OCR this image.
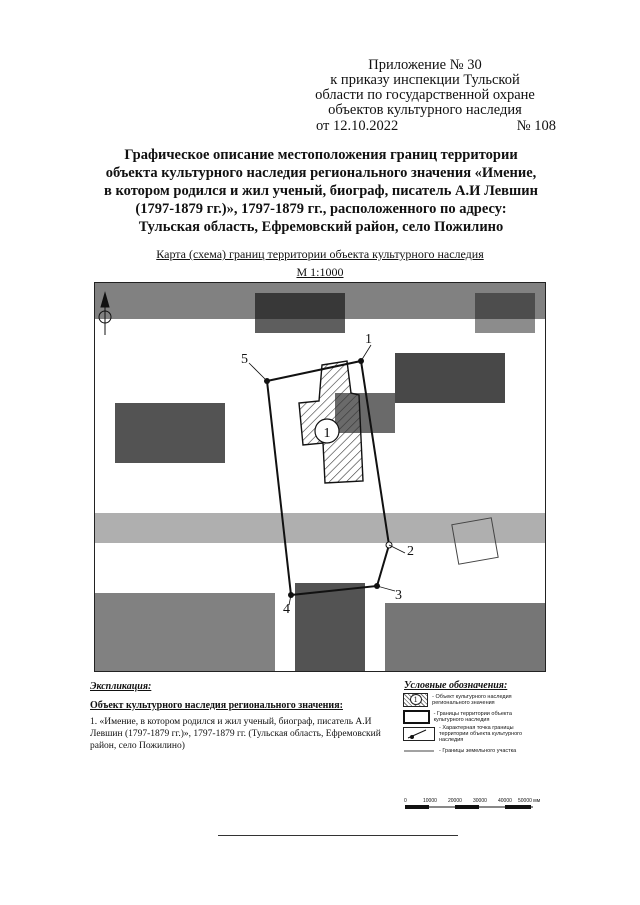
Приложение № 30
к приказу инспекции Тульской
области по государственной охране
объектов культурного наследия
от 12.10.2022	№ 108
Графическое описание местоположения границ территории
объекта культурного наследия регионального значения «Имение,
в котором родился и жил ученый, биограф, писатель А.И Левшин
(1797-1879 гг.)», 1797-1879 гг., расположенного по адресу:
Тульская область, Ефремовский район, село Пожилино
Карта (схема) границ территории объекта культурного наследия
М 1:1000
1
1
2
3
4
5
Экспликация:
Объект культурного наследия регионального значения:
1. «Имение, в котором родился и жил ученый, биограф, писатель А.И Левшин (1797-1879 гг.)», 1797-1879 гг. (Тульская область, Ефремовский район, село Пожилино)
Условные обозначения:
1	- Объект культурного наследия регионального значения
- Границы территории объекта культурного наследия
- Характерная точка границы территории объекта культурного наследия
- Границы земельного участка
0	10000 20000 30000 40000 50000 мм
